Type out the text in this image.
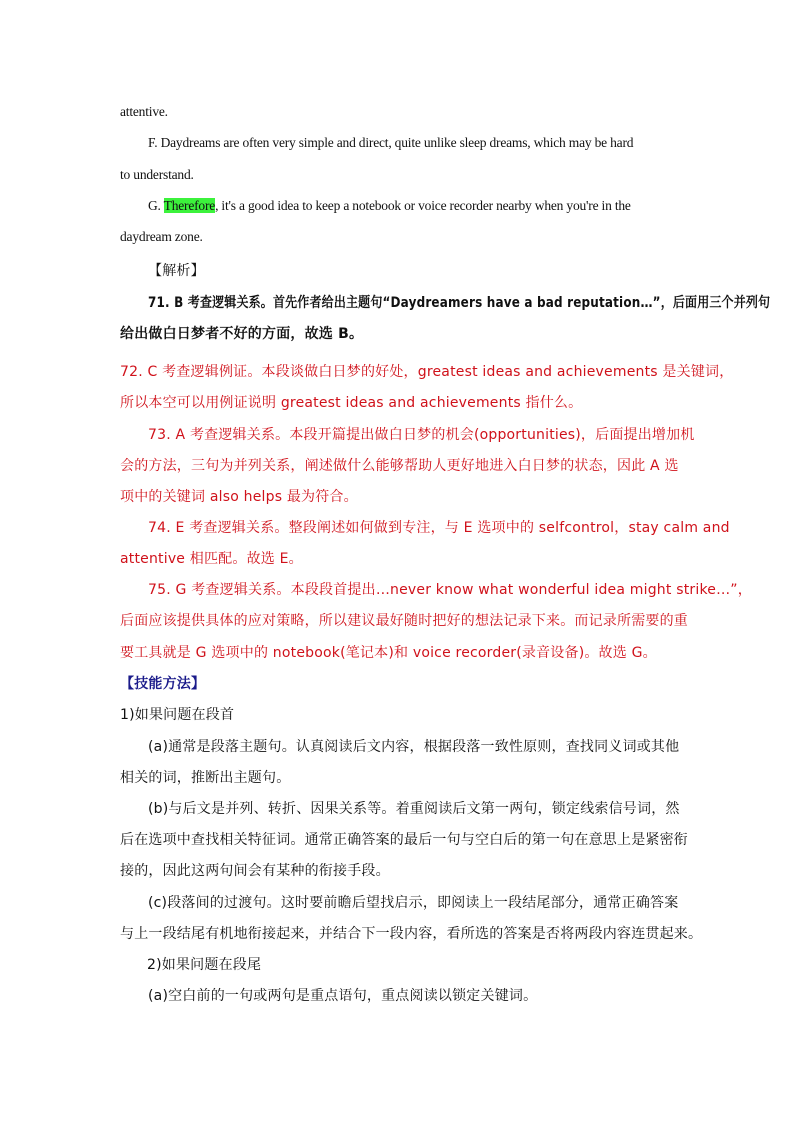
attentive.
F. Daydreams are often very simple and direct, quite unlike sleep dreams, which may be hard
to understand.
G. Therefore, it's a good idea to keep a notebook or voice recorder nearby when you're in the
daydream zone.
【解析】
71. B 考查逻辑关系。首先作者给出主题句“Daydreamers have a bad reputation…”，后面用三个并列句
给出做白日梦者不好的方面，故选 B。
72. C 考查逻辑例证。本段谈做白日梦的好处，greatest ideas and achievements 是关键词，
所以本空可以用例证说明 greatest ideas and achievements 指什么。
73. A 考查逻辑关系。本段开篇提出做白日梦的机会(opportunities)，后面提出增加机
会的方法，三句为并列关系，阐述做什么能够帮助人更好地进入白日梦的状态，因此 A 选
项中的关键词 also helps 最为符合。
74. E 考查逻辑关系。整段阐述如何做到专注，与 E 选项中的 selfcontrol，stay calm and
attentive 相匹配。故选 E。
75. G 考查逻辑关系。本段段首提出…never know what wonderful idea might strike…”，
后面应该提供具体的应对策略，所以建议最好随时把好的想法记录下来。而记录所需要的重
要工具就是 G 选项中的 notebook(笔记本)和 voice recorder(录音设备)。故选 G。
【技能方法】
1)如果问题在段首
(a)通常是段落主题句。认真阅读后文内容，根据段落一致性原则，查找同义词或其他
相关的词，推断出主题句。
(b)与后文是并列、转折、因果关系等。着重阅读后文第一两句，锁定线索信号词，然
后在选项中查找相关特征词。通常正确答案的最后一句与空白后的第一句在意思上是紧密衔
接的，因此这两句间会有某种的衔接手段。
(c)段落间的过渡句。这时要前瞻后望找启示，即阅读上一段结尾部分，通常正确答案
与上一段结尾有机地衔接起来，并结合下一段内容，看所选的答案是否将两段内容连贯起来。
2)如果问题在段尾
(a)空白前的一句或两句是重点语句，重点阅读以锁定关键词。
